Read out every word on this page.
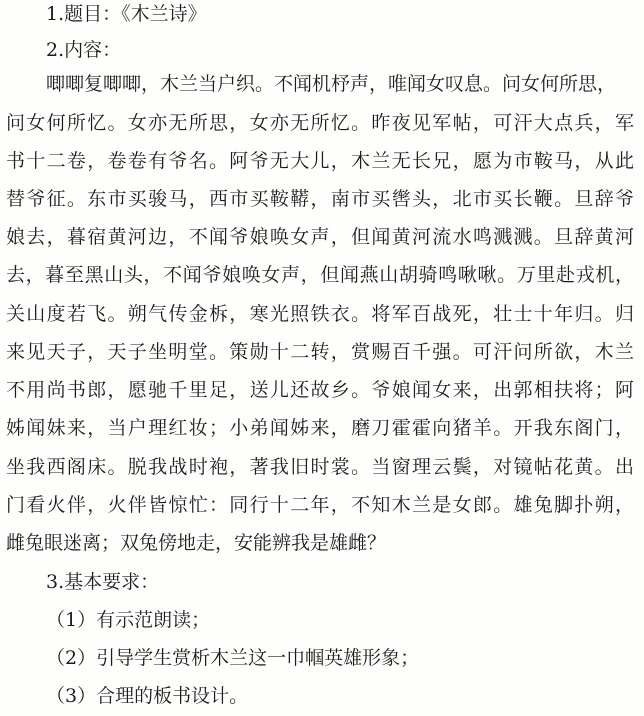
1.题目：《木兰诗》
2.内容：
唧唧复唧唧，木兰当户织。不闻机杼声，唯闻女叹息。问女何所思，
问女何所忆。女亦无所思，女亦无所忆。昨夜见军帖，可汗大点兵，军
书十二卷，卷卷有爷名。阿爷无大儿，木兰无长兄，愿为市鞍马，从此
替爷征。东市买骏马，西市买鞍鞯，南市买辔头，北市买长鞭。旦辞爷
娘去，暮宿黄河边，不闻爷娘唤女声，但闻黄河流水鸣溅溅。旦辞黄河
去，暮至黑山头，不闻爷娘唤女声，但闻燕山胡骑鸣啾啾。万里赴戎机，
关山度若飞。朔气传金柝，寒光照铁衣。将军百战死，壮士十年归。归
来见天子，天子坐明堂。策勋十二转，赏赐百千强。可汗问所欲，木兰
不用尚书郎，愿驰千里足，送儿还故乡。爷娘闻女来，出郭相扶将；阿
姊闻妹来，当户理红妆；小弟闻姊来，磨刀霍霍向猪羊。开我东阁门，
坐我西阁床。脱我战时袍，著我旧时裳。当窗理云鬓，对镜帖花黄。出
门看火伴，火伴皆惊忙：同行十二年，不知木兰是女郎。雄兔脚扑朔，
雌兔眼迷离；双兔傍地走，安能辨我是雄雌？
3.基本要求：
（1）有示范朗读；
（2）引导学生赏析木兰这一巾帼英雄形象；
（3）合理的板书设计。
